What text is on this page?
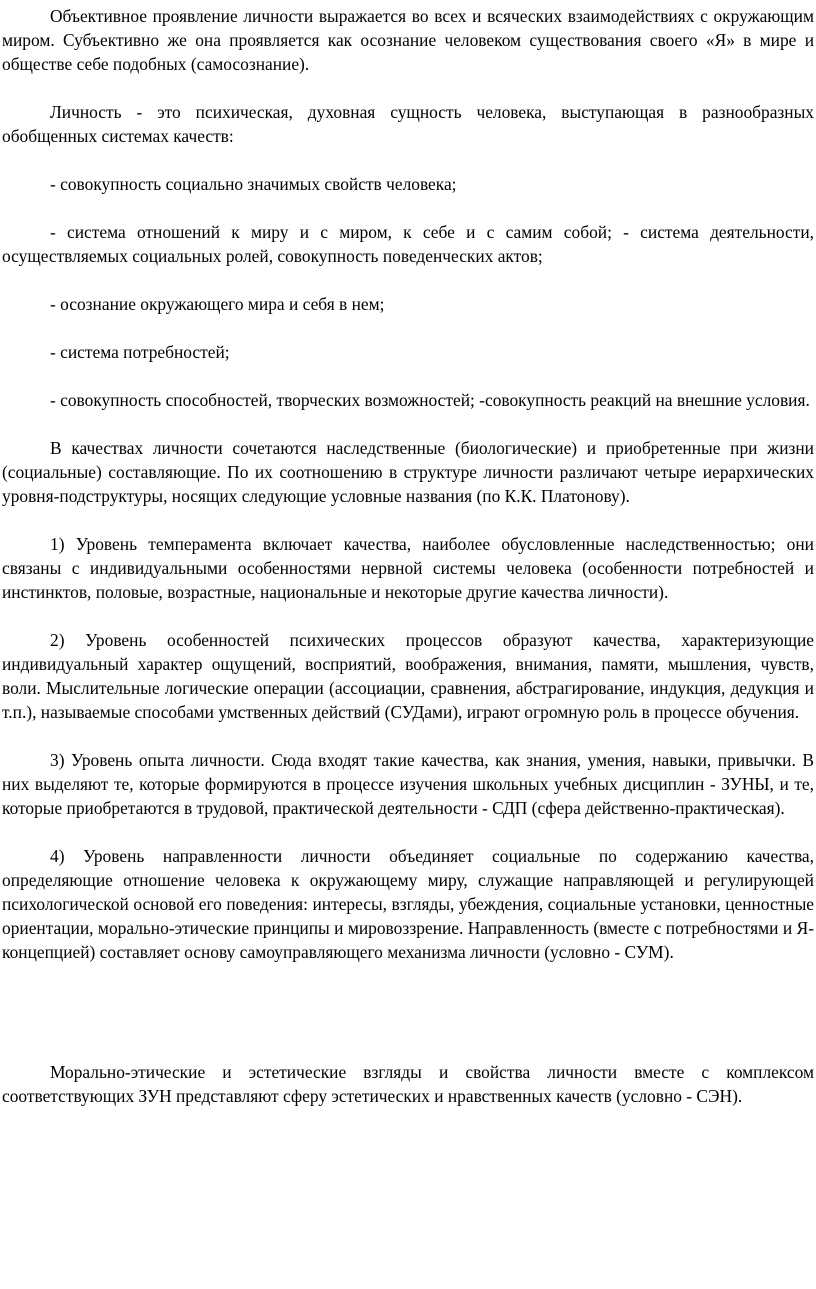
Объективное проявление личности выражается во всех и всяческих взаимодействиях с окружающим миром. Субъективно же она проявляется как осознание человеком существования своего «Я» в мире и обществе себе подобных (самосознание).

Личность - это психическая, духовная сущность человека, выступающая в разнообразных обобщенных системах качеств:

- совокупность социально значимых свойств человека;

- система отношений к миру и с миром, к себе и с самим собой; - система деятельности, осуществляемых социальных ролей, совокупность поведенческих актов;

- осознание окружающего мира и себя в нем;

- система потребностей;

- совокупность способностей, творческих возможностей; -совокупность реакций на внешние условия.

В качествах личности сочетаются наследственные (биологические) и приобретенные при жизни (социальные) составляющие. По их соотношению в структуре личности различают четыре иерархических уровня-подструктуры, носящих следующие условные названия (по К.К. Платонову).

1) Уровень темперамента включает качества, наиболее обусловленные наследственностью; они связаны с индивидуальными особенностями нервной системы человека (особенности потребностей и инстинктов, половые, возрастные, национальные и некоторые другие качества личности).

2) Уровень особенностей психических процессов образуют качества, характеризующие индивидуальный характер ощущений, восприятий, воображения, внимания, памяти, мышления, чувств, воли. Мыслительные логические операции (ассоциации, сравнения, абстрагирование, индукция, дедукция и т.п.), называемые способами умственных действий (СУДами), играют огромную роль в процессе обучения.

3) Уровень опыта личности. Сюда входят такие качества, как знания, умения, навыки, привычки. В них выделяют те, которые формируются в процессе изучения школьных учебных дисциплин - ЗУНЫ, и те, которые приобретаются в трудовой, практической деятельности - СДП (сфера действенно-практическая).

4) Уровень направленности личности объединяет социальные по содержанию качества, определяющие отношение человека к окружающему миру, служащие направляющей и регулирующей психологической основой его поведения: интересы, взгляды, убеждения, социальные установки, ценностные ориентации, морально-этические принципы и мировоззрение. Направленность (вместе с потребностями и Я-концепцией) составляет основу самоуправляющего механизма личности (условно - СУМ).

Морально-этические и эстетические взгляды и свойства личности вместе с комплексом соответствующих ЗУН представляют сферу эстетических и нравственных качеств (условно - СЭН).
